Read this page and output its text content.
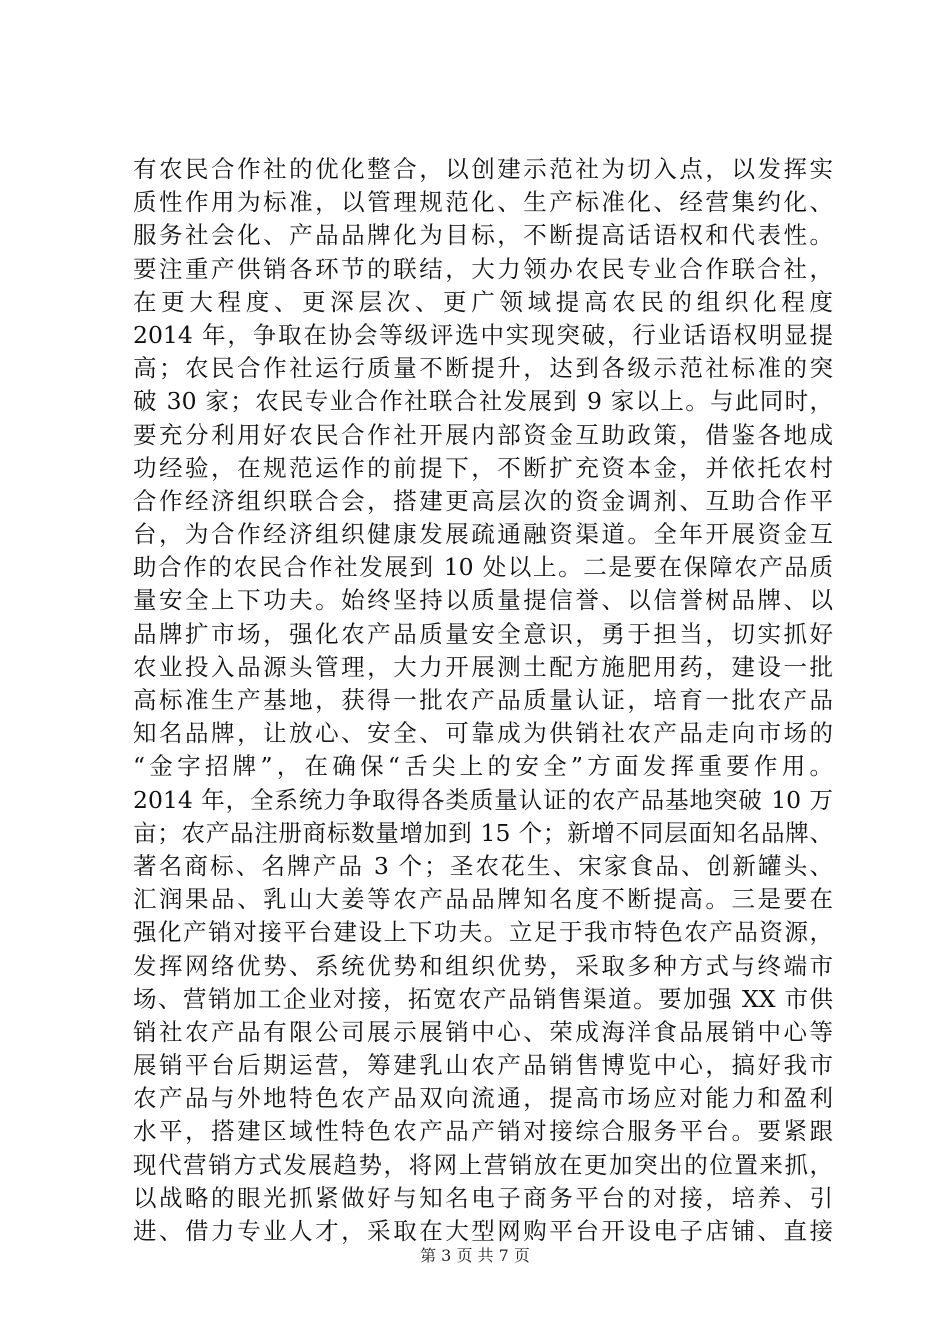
有农民合作社的优化整合，以创建示范社为切入点，以发挥实
质性作用为标准，以管理规范化、生产标准化、经营集约化、
服务社会化、产品品牌化为目标，不断提高话语权和代表性。
要注重产供销各环节的联结，大力领办农民专业合作联合社，
在更大程度、更深层次、更广领域提高农民的组织化程度
2014 年，争取在协会等级评选中实现突破，行业话语权明显提
高；农民合作社运行质量不断提升，达到各级示范社标准的突
破 30 家；农民专业合作社联合社发展到 9 家以上。与此同时，
要充分利用好农民合作社开展内部资金互助政策，借鉴各地成
功经验，在规范运作的前提下，不断扩充资本金，并依托农村
合作经济组织联合会，搭建更高层次的资金调剂、互助合作平
台，为合作经济组织健康发展疏通融资渠道。全年开展资金互
助合作的农民合作社发展到 10 处以上。二是要在保障农产品质
量安全上下功夫。始终坚持以质量提信誉、以信誉树品牌、以
品牌扩市场，强化农产品质量安全意识，勇于担当，切实抓好
农业投入品源头管理，大力开展测土配方施肥用药，建设一批
高标准生产基地，获得一批农产品质量认证，培育一批农产品
知名品牌，让放心、安全、可靠成为供销社农产品走向市场的
“金字招牌”，在确保“舌尖上的安全”方面发挥重要作用。
2014 年，全系统力争取得各类质量认证的农产品基地突破 10 万
亩；农产品注册商标数量增加到 15 个；新增不同层面知名品牌、
著名商标、名牌产品 3 个；圣农花生、宋家食品、创新罐头、
汇润果品、乳山大姜等农产品品牌知名度不断提高。三是要在
强化产销对接平台建设上下功夫。立足于我市特色农产品资源，
发挥网络优势、系统优势和组织优势，采取多种方式与终端市
场、营销加工企业对接，拓宽农产品销售渠道。要加强 XX 市供
销社农产品有限公司展示展销中心、荣成海洋食品展销中心等
展销平台后期运营，筹建乳山农产品销售博览中心，搞好我市
农产品与外地特色农产品双向流通，提高市场应对能力和盈利
水平，搭建区域性特色农产品产销对接综合服务平台。要紧跟
现代营销方式发展趋势，将网上营销放在更加突出的位置来抓，
以战略的眼光抓紧做好与知名电子商务平台的对接，培养、引
进、借力专业人才，采取在大型网购平台开设电子店铺、直接
第 3 页 共 7 页
